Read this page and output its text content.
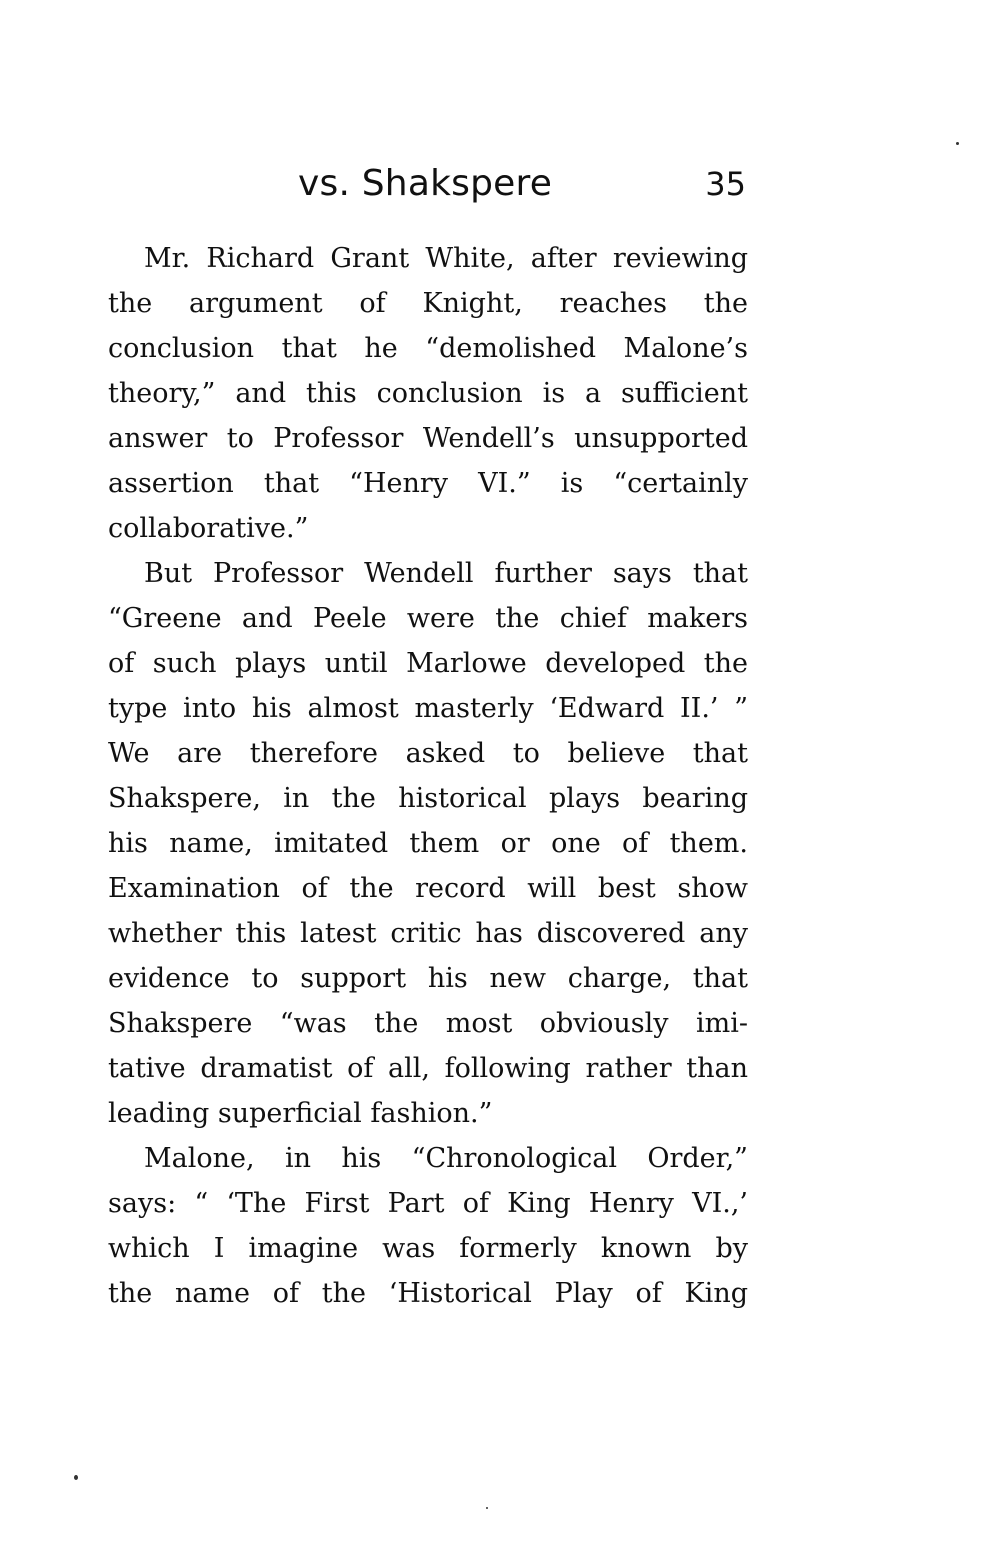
vs. Shakspere	35
Mr. Richard Grant White, after reviewing
the argument of Knight, reaches the
conclusion that he “demolished Malone’s
theory,” and this conclusion is a sufficient
answer to Professor Wendell’s unsupported
assertion that “Henry VI.” is “certainly
collaborative.”
But Professor Wendell further says that
“Greene and Peele were the chief makers
of such plays until Marlowe developed the
type into his almost masterly ‘Edward II.’ ”
We are therefore asked to believe that
Shakspere, in the historical plays bearing
his name, imitated them or one of them.
Examination of the record will best show
whether this latest critic has discovered any
evidence to support his new charge, that
Shakspere “was the most obviously imi-
tative dramatist of all, following rather than
leading superficial fashion.”
Malone, in his “Chronological Order,”
says: “ ‘The First Part of King Henry VI.,’
which I imagine was formerly known by
the name of the ‘Historical Play of King
